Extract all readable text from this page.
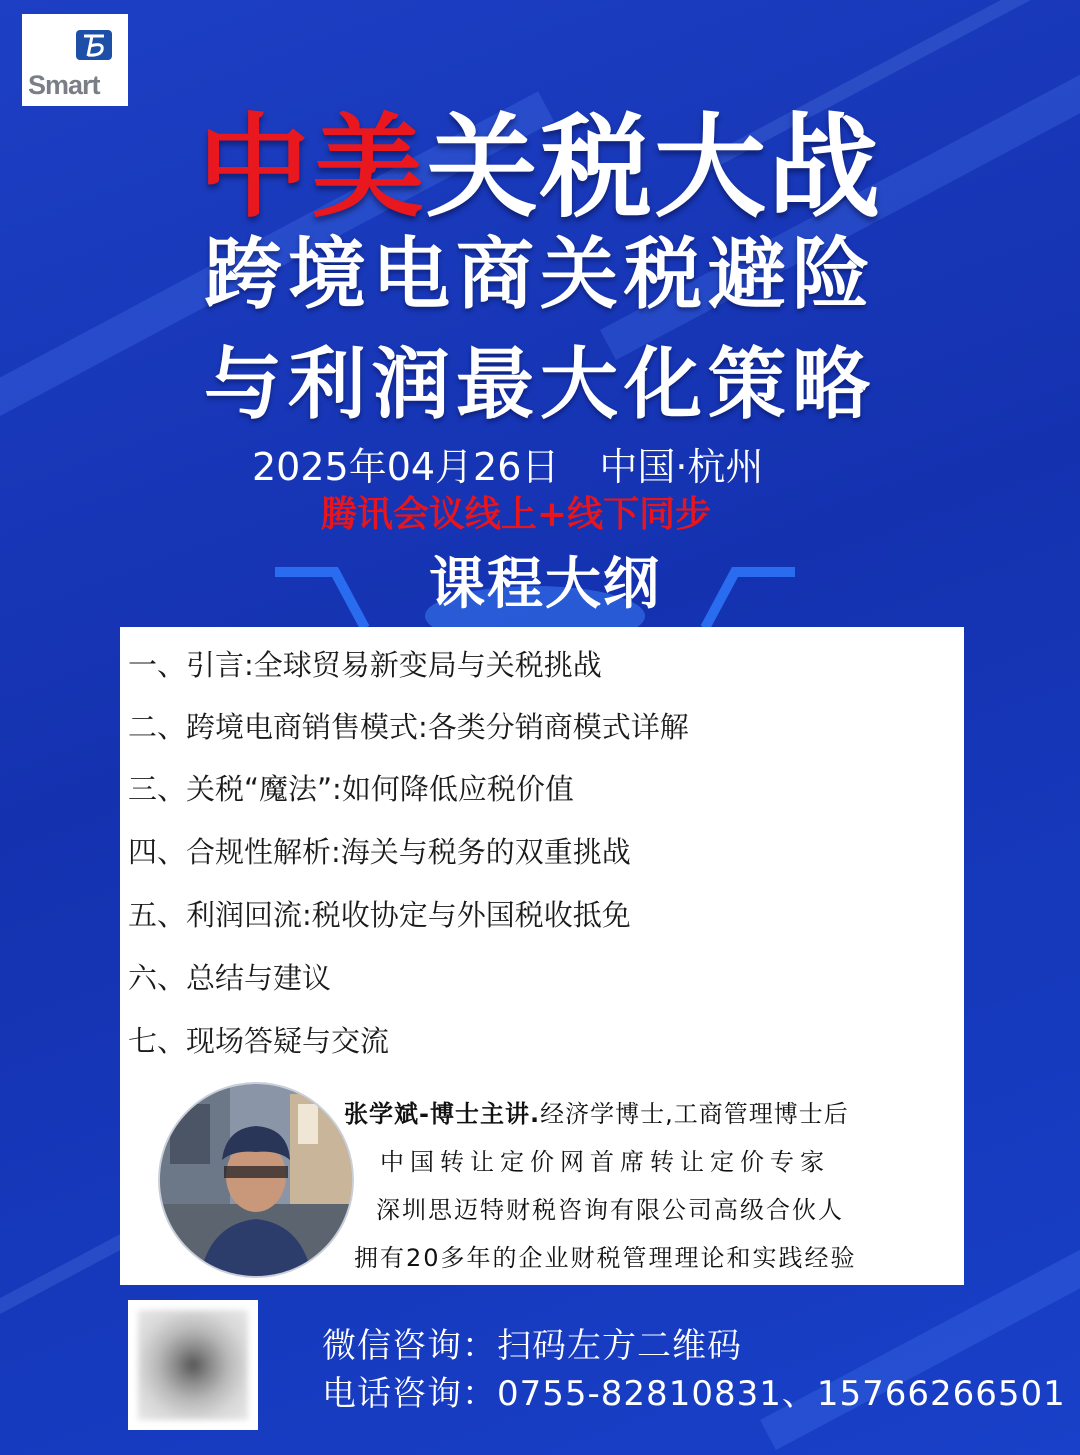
Smart
中美关税大战
跨境电商关税避险
与利润最大化策略
2025年04月26日 中国·杭州
腾讯会议线上+线下同步
课程大纲
一、引言:全球贸易新变局与关税挑战
二、跨境电商销售模式:各类分销商模式详解
三、关税“魔法”:如何降低应税价值
四、合规性解析:海关与税务的双重挑战
五、利润回流:税收协定与外国税收抵免
六、总结与建议
七、现场答疑与交流
张学斌-博士主讲.经济学博士,工商管理博士后
中国转让定价网首席转让定价专家
深圳思迈特财税咨询有限公司高级合伙人
拥有20多年的企业财税管理理论和实践经验
微信咨询：扫码左方二维码
电话咨询：0755-82810831、15766266501
